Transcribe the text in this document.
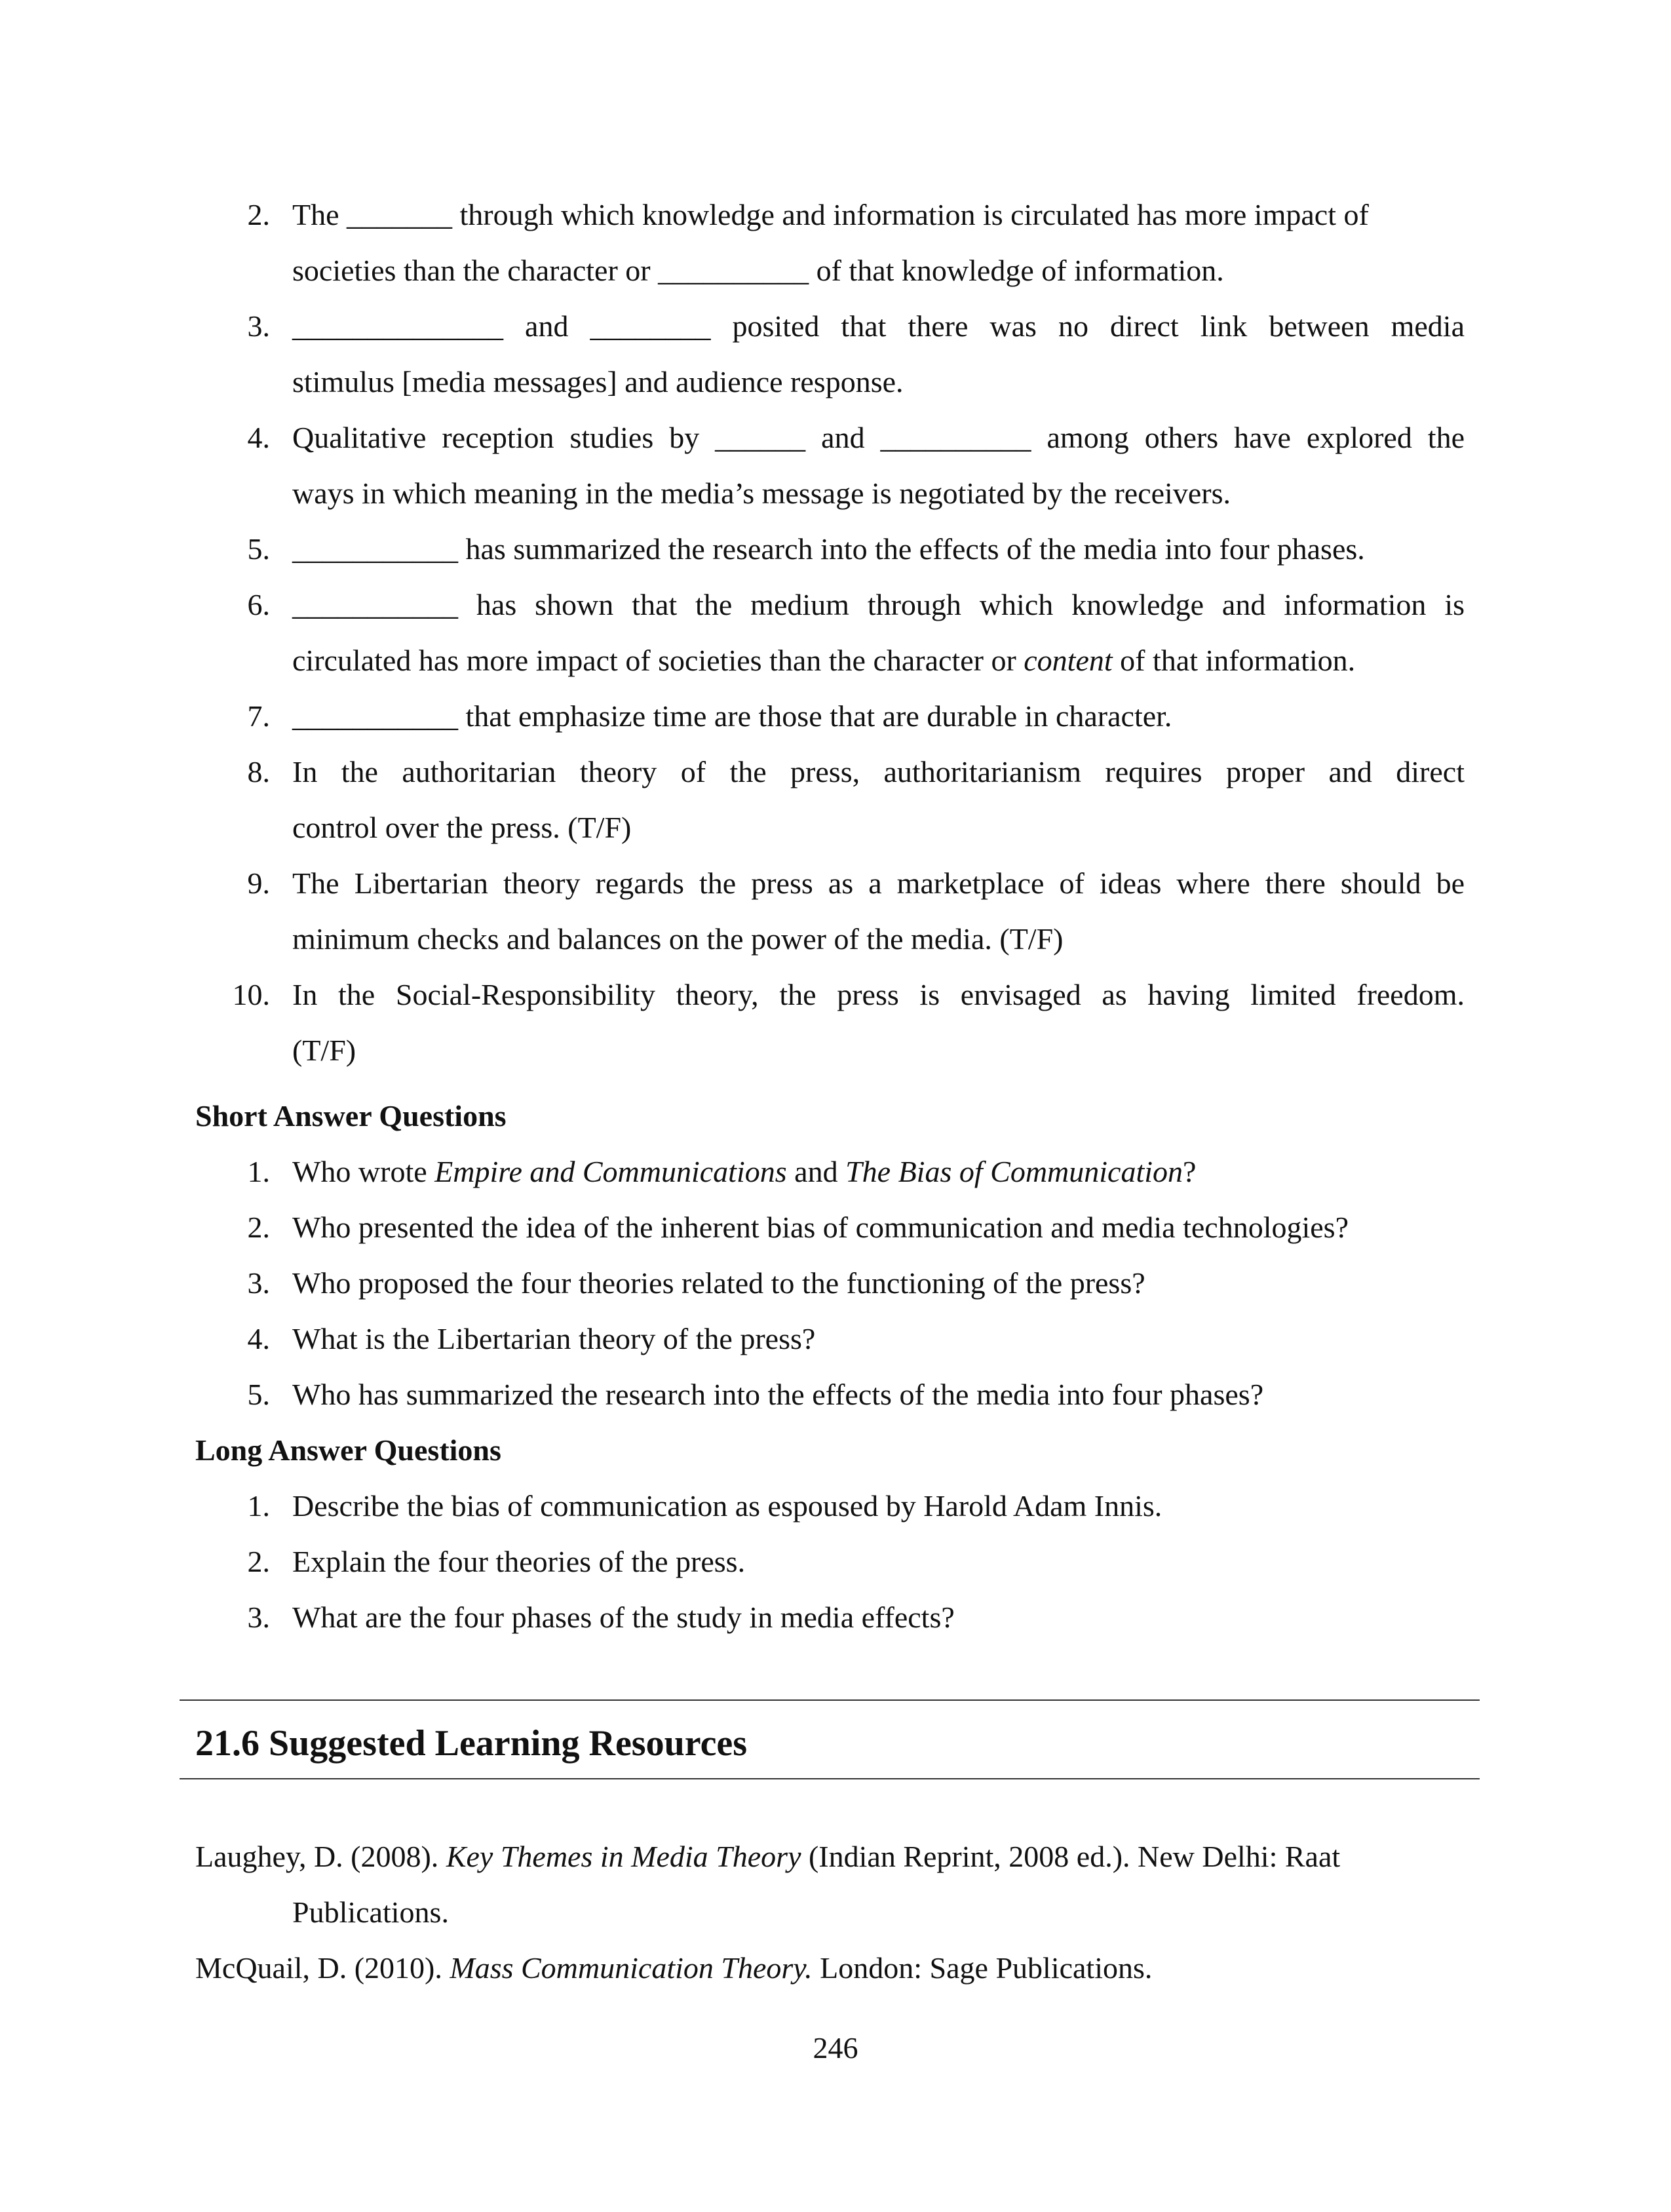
2. The _______ through which knowledge and information is circulated has more impact of
societies than the character or __________ of that knowledge of information.
3. ______________ and ________ posited that there was no direct link between media
stimulus [media messages] and audience response.
4. Qualitative reception studies by ______ and __________ among others have explored the
ways in which meaning in the media’s message is negotiated by the receivers.
5. ___________ has summarized the research into the effects of the media into four phases.
6. ___________ has shown that the medium through which knowledge and information is
circulated has more impact of societies than the character or content of that information.
7. ___________ that emphasize time are those that are durable in character.
8. In the authoritarian theory of the press, authoritarianism requires proper and direct
control over the press. (T/F)
9. The Libertarian theory regards the press as a marketplace of ideas where there should be
minimum checks and balances on the power of the media. (T/F)
10. In the Social-Responsibility theory, the press is envisaged as having limited freedom.
(T/F)
Short Answer Questions
1. Who wrote Empire and Communications and The Bias of Communication?
2. Who presented the idea of the inherent bias of communication and media technologies?
3. Who proposed the four theories related to the functioning of the press?
4. What is the Libertarian theory of the press?
5. Who has summarized the research into the effects of the media into four phases?
Long Answer Questions
1. Describe the bias of communication as espoused by Harold Adam Innis.
2. Explain the four theories of the press.
3. What are the four phases of the study in media effects?
21.6 Suggested Learning Resources
Laughey, D. (2008). Key Themes in Media Theory (Indian Reprint, 2008 ed.). New Delhi: Raat
Publications.
McQuail, D. (2010). Mass Communication Theory. London: Sage Publications.
246
